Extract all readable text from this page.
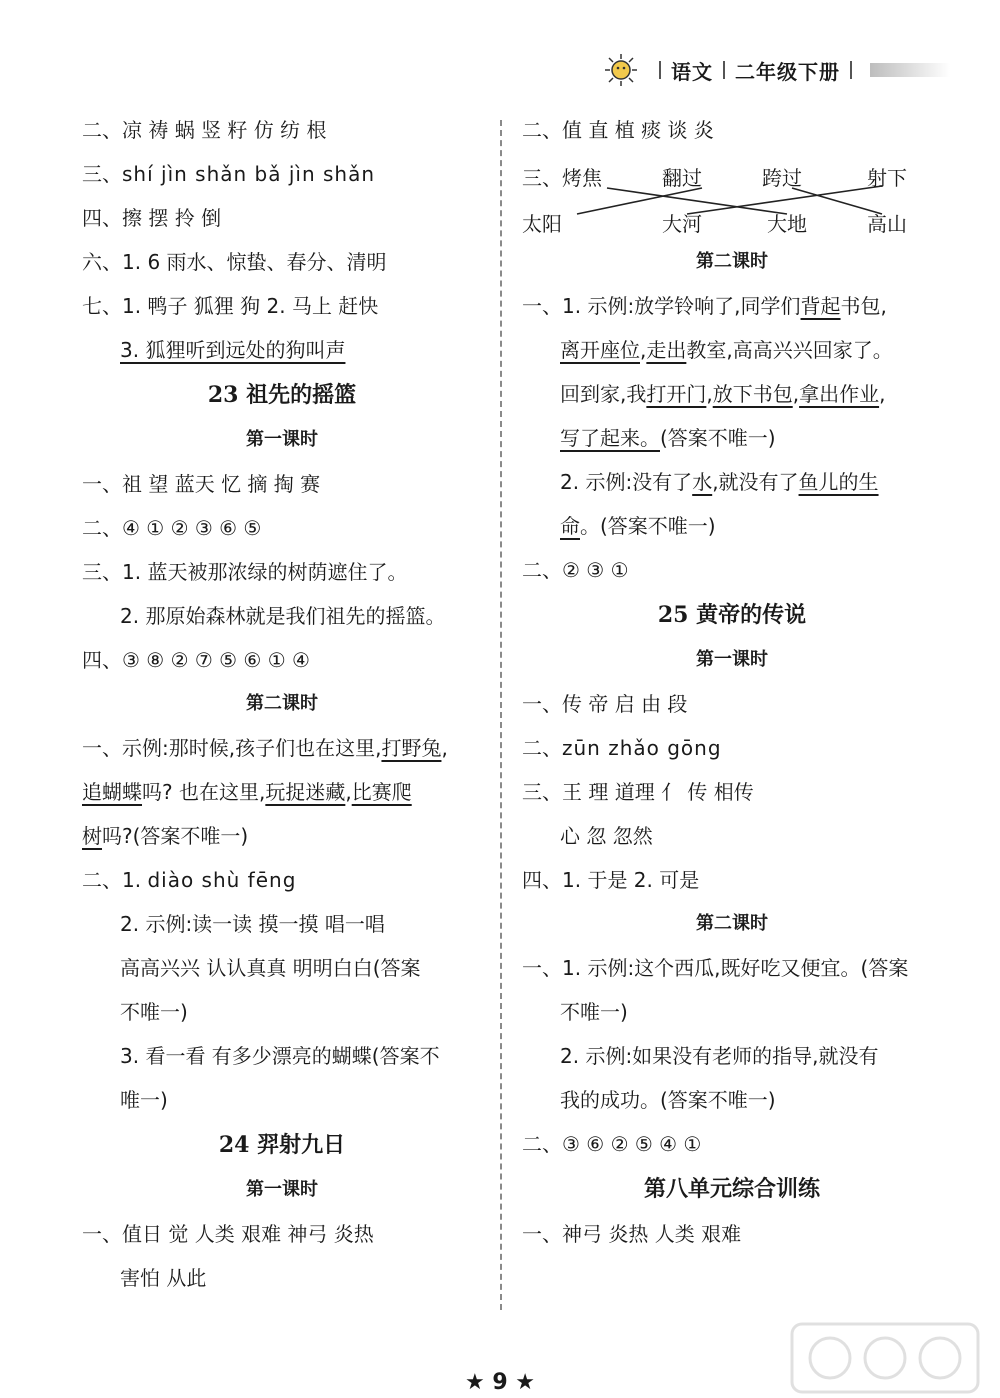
语文 二年级下册
二、凉 祷 蜗 竖 籽 仿 纺 根
三、shí jìn shǎn bǎ jìn shǎn
四、擦 摆 拎 倒
六、1. 6 雨水、惊蛰、春分、清明
七、1. 鸭子 狐狸 狗 2. 马上 赶快
3. 狐狸听到远处的狗叫声
23 祖先的摇篮
第一课时
一、祖 望 蓝天 忆 摘 掏 赛
二、④ ① ② ③ ⑥ ⑤
三、1. 蓝天被那浓绿的树荫遮住了。
2. 那原始森林就是我们祖先的摇篮。
四、③ ⑧ ② ⑦ ⑤ ⑥ ① ④
第二课时
一、示例:那时候,孩子们也在这里,打野兔,
追蝴蝶吗? 也在这里,玩捉迷藏,比赛爬
树吗?(答案不唯一)
二、1. diào shù fēng
2. 示例:读一读 摸一摸 唱一唱
高高兴兴 认认真真 明明白白(答案
不唯一)
3. 看一看 有多少漂亮的蝴蝶(答案不
唯一)
24 羿射九日
第一课时
一、值日 觉 人类 艰难 神弓 炎热
害怕 从此
二、值 直 植 痰 谈 炎
三、 烤焦	翻过	跨过	射下
太阳	大河	大地	高山
第二课时
一、1. 示例:放学铃响了,同学们背起书包,
离开座位,走出教室,高高兴兴回家了。
回到家,我打开门,放下书包,拿出作业,
写了起来。(答案不唯一)
2. 示例:没有了水,就没有了鱼儿的生
命。(答案不唯一)
二、② ③ ①
25 黄帝的传说
第一课时
一、传 帝 启 由 段
二、zūn zhǎo gōng
三、王 理 道理 亻 传 相传
心 忽 忽然
四、1. 于是 2. 可是
第二课时
一、1. 示例:这个西瓜,既好吃又便宜。(答案
不唯一)
2. 示例:如果没有老师的指导,就没有
我的成功。(答案不唯一)
二、③ ⑥ ② ⑤ ④ ①
第八单元综合训练
一、神弓 炎热 人类 艰难
★ 9 ★
